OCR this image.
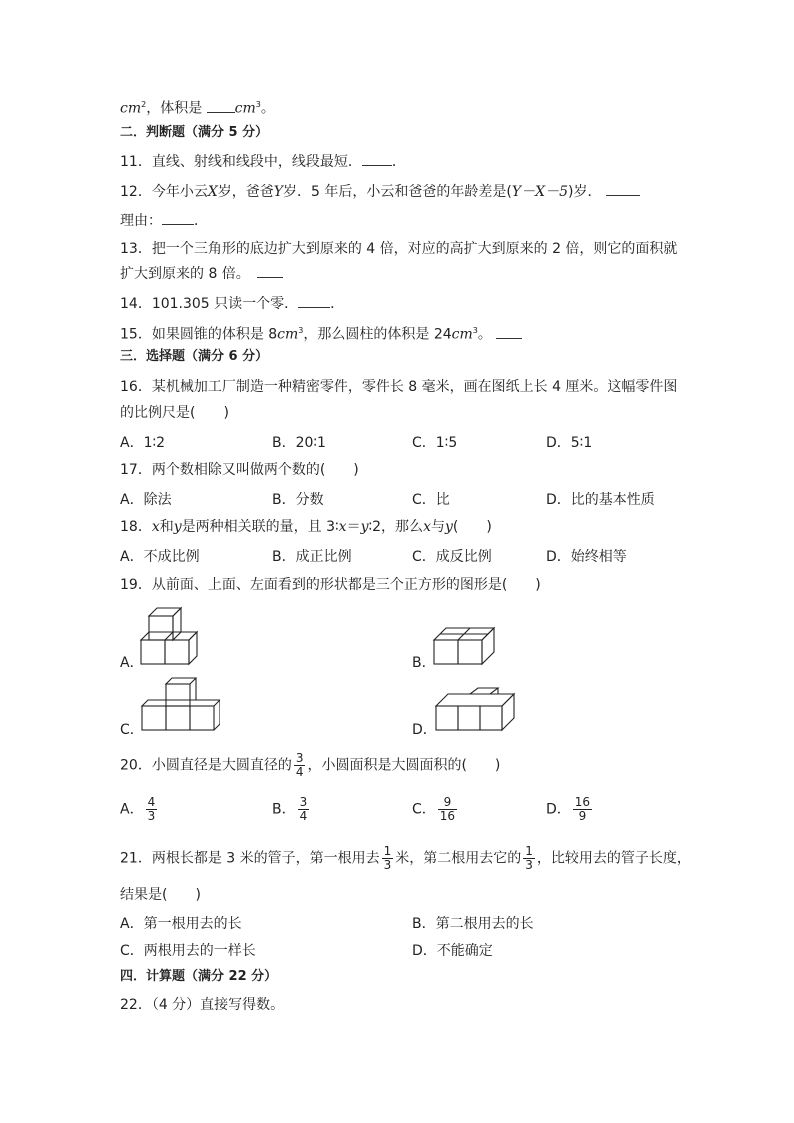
$cm^2$，体积是 $cm^3$。
二．判断题（满分 5 分）
11．直线、射线和线段中，线段最短． ．
12．今年小云X岁，爸爸Y岁．5 年后，小云和爸爸的年龄差是(Y－X－5)岁．
理由： ．
13．把一个三角形的底边扩大到原来的 4 倍，对应的高扩大到原来的 2 倍，则它的面积就
扩大到原来的 8 倍。　
14．101.305 只读一个零． ．
15．如果圆锥的体积是 $8cm^3$，那么圆柱的体积是 $24cm^3$。
三．选择题（满分 6 分）
16．某机械加工厂制造一种精密零件，零件长 8 毫米，画在图纸上长 4 厘米。这幅零件图
的比例尺是(　　)
A．1∶2	B．20∶1	C．1∶5	D．5∶1
17．两个数相除又叫做两个数的(　　)
A．除法	B．分数	C．比	D．比的基本性质
18．x和y是两种相关联的量，且 3∶x＝y∶2，那么x与y(　　)
A．不成比例	B．成正比例	C．成反比例	D．始终相等
19．从前面、上面、左面看到的形状都是三个正方形的图形是(　　)
A．	B．
C．	D．
20．小圆直径是大圆直径的 $\frac{3}{4}$ ，小圆面积是大圆面积的(　　)
A． $\frac{4}{3}$	B． $\frac{3}{4}$	C． $\frac{9}{16}$	D． $\frac{16}{9}$
21．两根长都是 3 米的管子，第一根用去 $\frac{1}{3}$ 米，第二根用去它的 $\frac{1}{3}$ ，比较用去的管子长度，
结果是(　　)
A．第一根用去的长	B．第二根用去的长
C．两根用去的一样长	D．不能确定
四．计算题（满分 22 分）
22．（4 分）直接写得数。
